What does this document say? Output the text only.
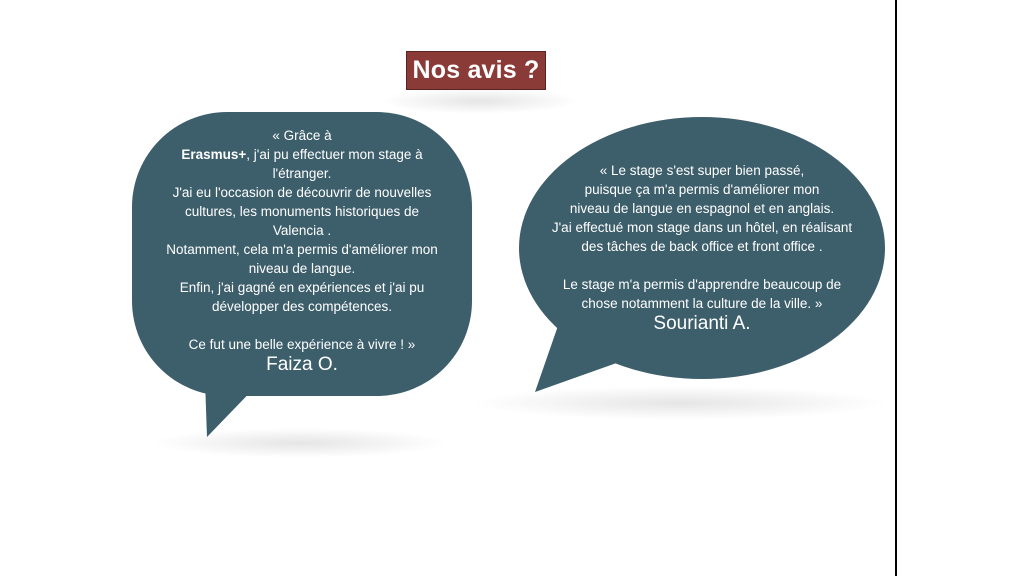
Nos avis ?

« Grâce à

Erasmus+, j'ai pu effectuer mon stage à

l'étranger.

J'ai eu l'occasion de découvrir de nouvelles

cultures, les monuments historiques de

Valencia .

Notamment, cela m'a permis d'améliorer mon

niveau de langue.

Enfin, j'ai gagné en expériences et j'ai pu

développer des compétences.

Ce fut une belle expérience à vivre ! »

Faiza O.

« Le stage s'est super bien passé,

puisque ça m'a permis d'améliorer mon

niveau de langue en espagnol et en anglais.

J'ai effectué mon stage dans un hôtel, en réalisant

des tâches de back office et front office .

Le stage m'a permis d'apprendre beaucoup de

chose notamment la culture de la ville. »

Sourianti A.
